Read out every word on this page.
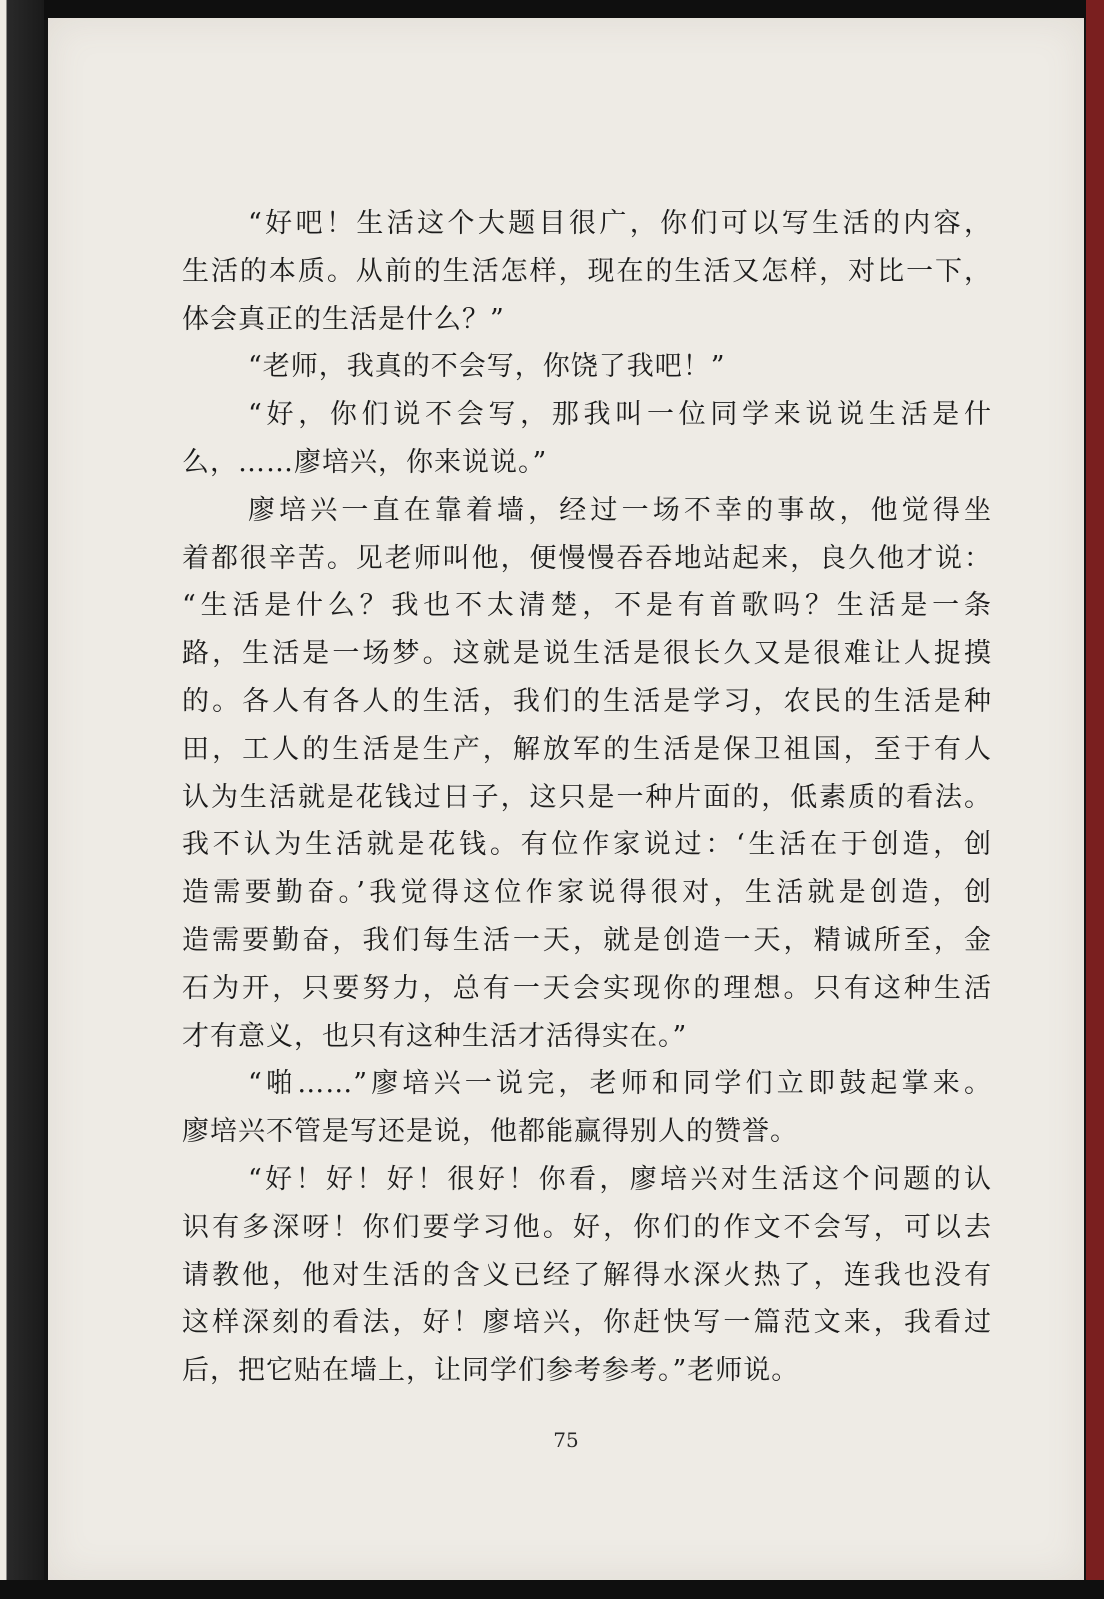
“好吧！生活这个大题目很广，你们可以写生活的内容，
生活的本质。从前的生活怎样，现在的生活又怎样，对比一下，
体会真正的生活是什么？”
“老师，我真的不会写，你饶了我吧！”
“好，你们说不会写，那我叫一位同学来说说生活是什
么，……廖培兴，你来说说。”
廖培兴一直在靠着墙，经过一场不幸的事故，他觉得坐
着都很辛苦。见老师叫他，便慢慢吞吞地站起来，良久他才说：
“生活是什么？我也不太清楚，不是有首歌吗？生活是一条
路，生活是一场梦。这就是说生活是很长久又是很难让人捉摸
的。各人有各人的生活，我们的生活是学习，农民的生活是种
田，工人的生活是生产，解放军的生活是保卫祖国，至于有人
认为生活就是花钱过日子，这只是一种片面的，低素质的看法。
我不认为生活就是花钱。有位作家说过：‘生活在于创造，创
造需要勤奋。’我觉得这位作家说得很对，生活就是创造，创
造需要勤奋，我们每生活一天，就是创造一天，精诚所至，金
石为开，只要努力，总有一天会实现你的理想。只有这种生活
才有意义，也只有这种生活才活得实在。”
“啪……”廖培兴一说完，老师和同学们立即鼓起掌来。
廖培兴不管是写还是说，他都能赢得别人的赞誉。
“好！好！好！很好！你看，廖培兴对生活这个问题的认
识有多深呀！你们要学习他。好，你们的作文不会写，可以去
请教他，他对生活的含义已经了解得水深火热了，连我也没有
这样深刻的看法，好！廖培兴，你赶快写一篇范文来，我看过
后，把它贴在墙上，让同学们参考参考。”老师说。
75
